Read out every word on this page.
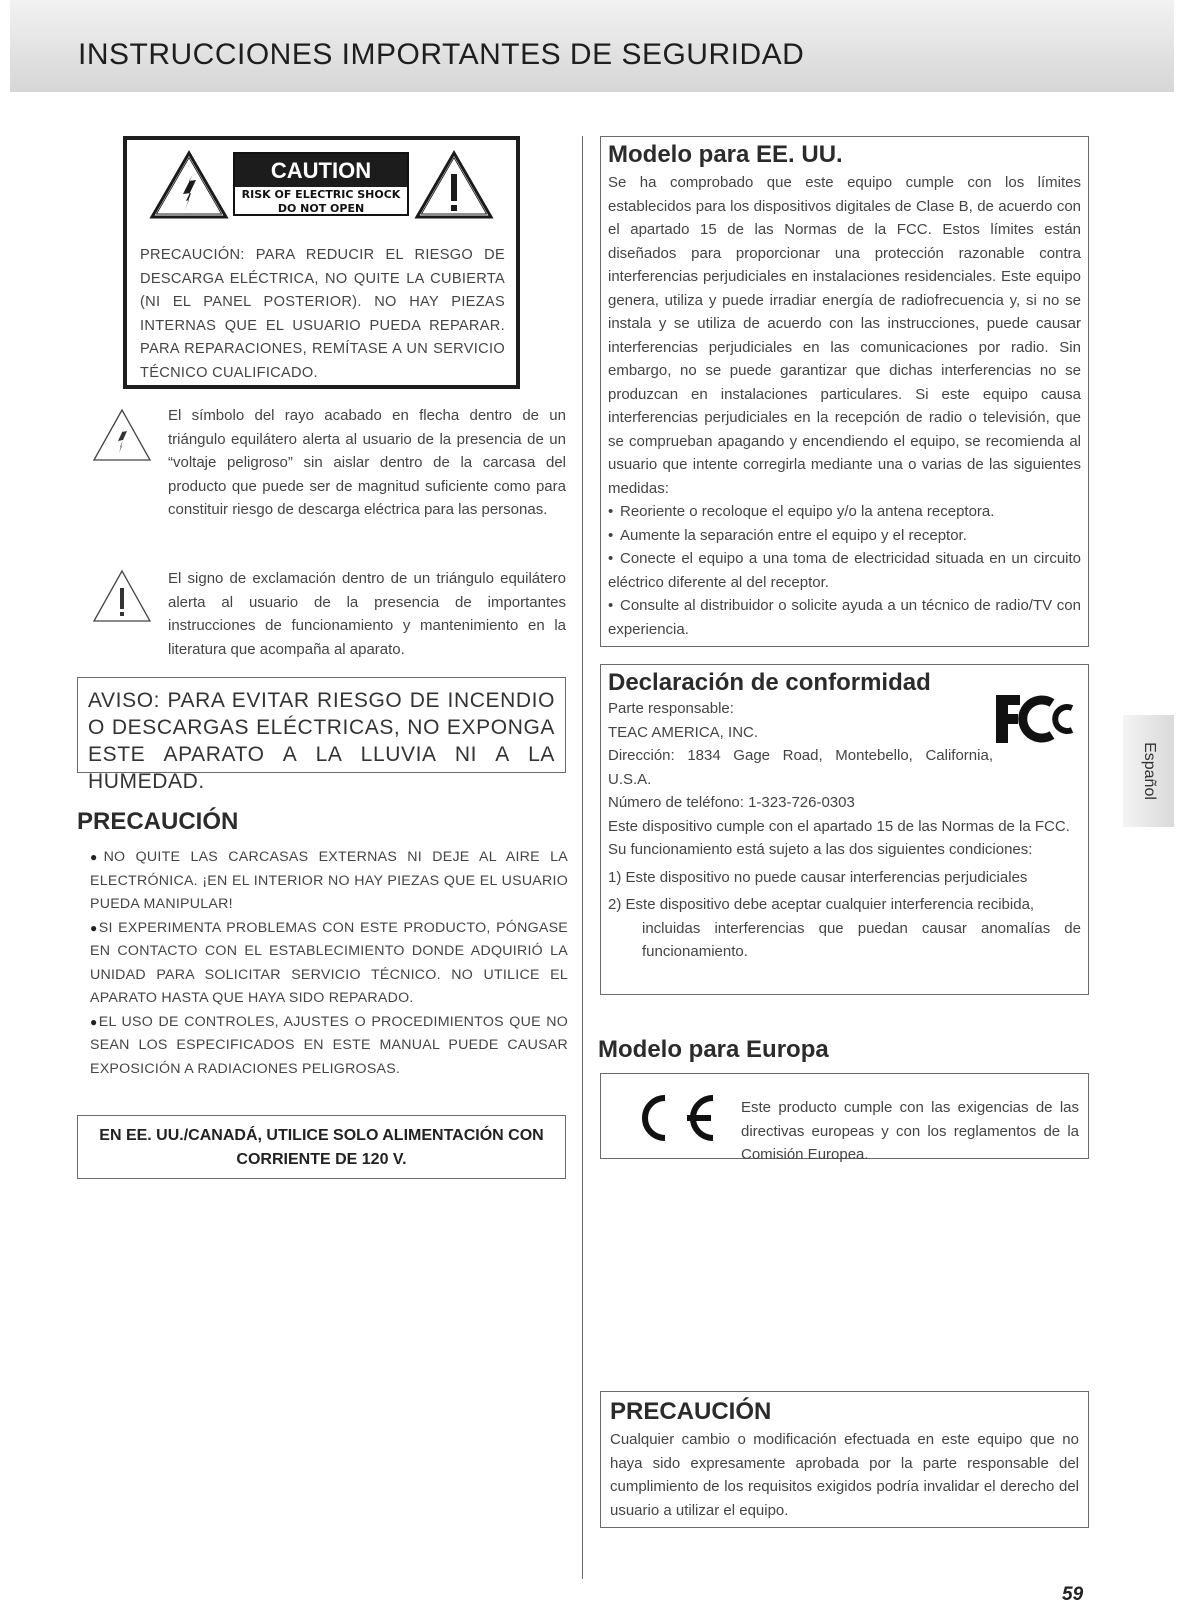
INSTRUCCIONES IMPORTANTES DE SEGURIDAD
CAUTION
RISK OF ELECTRIC SHOCK
DO NOT OPEN
PRECAUCIÓN: PARA REDUCIR EL RIESGO DE DESCARGA ELÉCTRICA, NO QUITE LA CUBIERTA (NI EL PANEL POSTERIOR). NO HAY PIEZAS INTERNAS QUE EL USUARIO PUEDA REPARAR. PARA REPARACIONES, REMÍTASE A UN SERVICIO TÉCNICO CUALIFICADO.

El símbolo del rayo acabado en flecha dentro de un triángulo equilátero alerta al usuario de la presencia de un “voltaje peligroso” sin aislar dentro de la carcasa del producto que puede ser de magnitud suficiente como para constituir riesgo de descarga eléctrica para las personas.

El signo de exclamación dentro de un triángulo equilátero alerta al usuario de la presencia de importantes instrucciones de funcionamiento y mantenimiento en la literatura que acompaña al aparato.

AVISO: PARA EVITAR RIESGO DE INCENDIO O DESCARGAS ELÉCTRICAS, NO EXPONGA ESTE APARATO A LA LLUVIA NI A LA HUMEDAD.
PRECAUCIÓN

●NO QUITE LAS CARCASAS EXTERNAS NI DEJE AL AIRE LA ELECTRÓNICA. ¡EN EL INTERIOR NO HAY PIEZAS QUE EL USUARIO PUEDA MANIPULAR!

●SI EXPERIMENTA PROBLEMAS CON ESTE PRODUCTO, PÓNGASE EN CONTACTO CON EL ESTABLECIMIENTO DONDE ADQUIRIÓ LA UNIDAD PARA SOLICITAR SERVICIO TÉCNICO. NO UTILICE EL APARATO HASTA QUE HAYA SIDO REPARADO.

●EL USO DE CONTROLES, AJUSTES O PROCEDIMIENTOS QUE NO SEAN LOS ESPECIFICADOS EN ESTE MANUAL PUEDE CAUSAR EXPOSICIÓN A RADIACIONES PELIGROSAS.

EN EE. UU./CANADÁ, UTILICE SOLO ALIMENTACIÓN CON
CORRIENTE DE 120 V.
Modelo para EE. UU.

Se ha comprobado que este equipo cumple con los límites establecidos para los dispositivos digitales de Clase B, de acuerdo con el apartado 15 de las Normas de la FCC. Estos límites están diseñados para proporcionar una protección razonable contra interferencias perjudiciales en instalaciones residenciales. Este equipo genera, utiliza y puede irradiar energía de radiofrecuencia y, si no se instala y se utiliza de acuerdo con las instrucciones, puede causar interferencias perjudiciales en las comunicaciones por radio. Sin embargo, no se puede garantizar que dichas interferencias no se produzcan en instalaciones particulares. Si este equipo causa interferencias perjudiciales en la recepción de radio o televisión, que se comprueban apagando y encendiendo el equipo, se recomienda al usuario que intente corregirla mediante una o varias de las siguientes medidas:

• Reoriente o recoloque el equipo y/o la antena receptora.
• Aumente la separación entre el equipo y el receptor.
• Conecte el equipo a una toma de electricidad situada en un circuito eléctrico diferente al del receptor.
• Consulte al distribuidor o solicite ayuda a un técnico de radio/TV con experiencia.
Declaración de conformidad

Parte responsable:

TEAC AMERICA, INC.

Dirección: 1834 Gage Road, Montebello, California, U.S.A.

Número de teléfono: 1-323-726-0303

Este dispositivo cumple con el apartado 15 de las Normas de la FCC.

Su funcionamiento está sujeto a las dos siguientes condiciones:

1) Este dispositivo no puede causar interferencias perjudiciales

2) Este dispositivo debe aceptar cualquier interferencia recibida,
incluidas interferencias que puedan causar anomalías de funcionamiento.

Modelo para Europa

Este producto cumple con las exigencias de las directivas europeas y con los reglamentos de la Comisión Europea.

PRECAUCIÓN

Cualquier cambio o modificación efectuada en este equipo que no haya sido expresamente aprobada por la parte responsable del cumplimiento de los requisitos exigidos podría invalidar el derecho del usuario a utilizar el equipo.

Español
59
